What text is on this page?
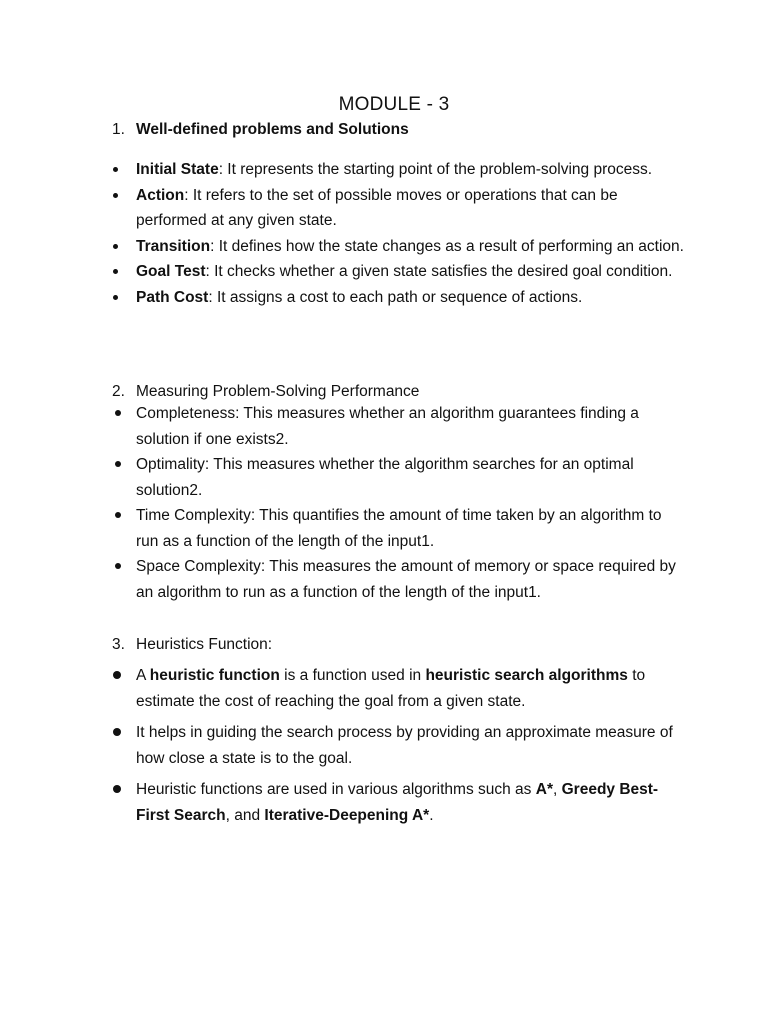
MODULE - 3
1. Well-defined problems and Solutions
Initial State: It represents the starting point of the problem-solving process.
Action: It refers to the set of possible moves or operations that can be performed at any given state.
Transition: It defines how the state changes as a result of performing an action.
Goal Test: It checks whether a given state satisfies the desired goal condition.
Path Cost: It assigns a cost to each path or sequence of actions.
2. Measuring Problem-Solving Performance
Completeness: This measures whether an algorithm guarantees finding a solution if one exists2.
Optimality: This measures whether the algorithm searches for an optimal solution2.
Time Complexity: This quantifies the amount of time taken by an algorithm to run as a function of the length of the input1.
Space Complexity: This measures the amount of memory or space required by an algorithm to run as a function of the length of the input1.
3. Heuristics Function:
A heuristic function is a function used in heuristic search algorithms to estimate the cost of reaching the goal from a given state.
It helps in guiding the search process by providing an approximate measure of how close a state is to the goal.
Heuristic functions are used in various algorithms such as A*, Greedy Best-First Search, and Iterative-Deepening A*.
